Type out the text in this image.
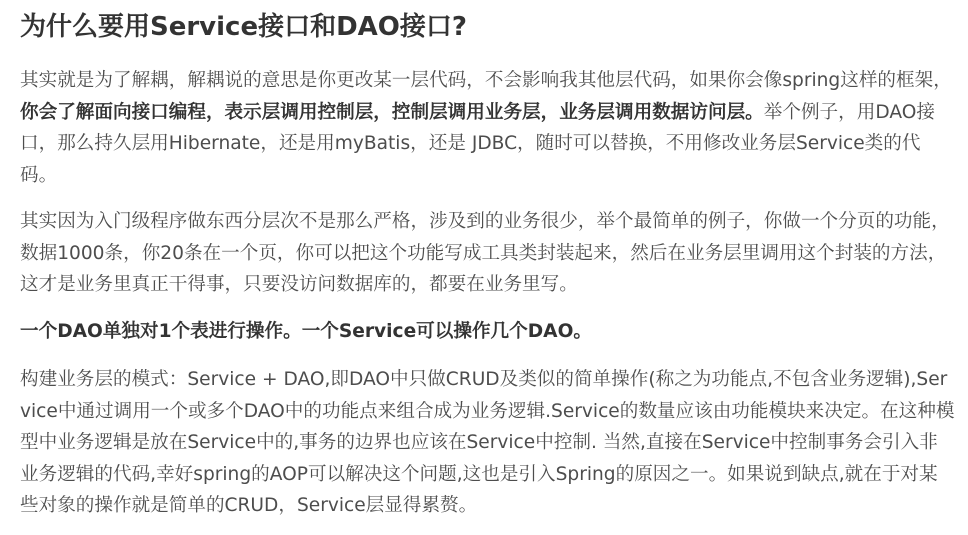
为什么要用Service接口和DAO接口?

其实就是为了解耦，解耦说的意思是你更改某一层代码，不会影响我其他层代码，如果你会像spring这样的框架，你会了解面向接口编程，表示层调用控制层，控制层调用业务层，业务层调用数据访问层。举个例子，用DAO接口，那么持久层用Hibernate，还是用myBatis，还是 JDBC，随时可以替换，不用修改业务层Service类的代码。

其实因为入门级程序做东西分层次不是那么严格，涉及到的业务很少，举个最简单的例子，你做一个分页的功能，数据1000条，你20条在一个页，你可以把这个功能写成工具类封装起来，然后在业务层里调用这个封装的方法，这才是业务里真正干得事，只要没访问数据库的，都要在业务里写。

一个DAO单独对1个表进行操作。一个Service可以操作几个DAO。

构建业务层的模式：Service + DAO,即DAO中只做CRUD及类似的简单操作(称之为功能点,不包含业务逻辑),Service中通过调用一个或多个DAO中的功能点来组合成为业务逻辑.Service的数量应该由功能模块来决定。在这种模型中业务逻辑是放在Service中的,事务的边界也应该在Service中控制. 当然,直接在Service中控制事务会引入非业务逻辑的代码,幸好spring的AOP可以解决这个问题,这也是引入Spring的原因之一。如果说到缺点,就在于对某些对象的操作就是简单的CRUD，Service层显得累赘。
